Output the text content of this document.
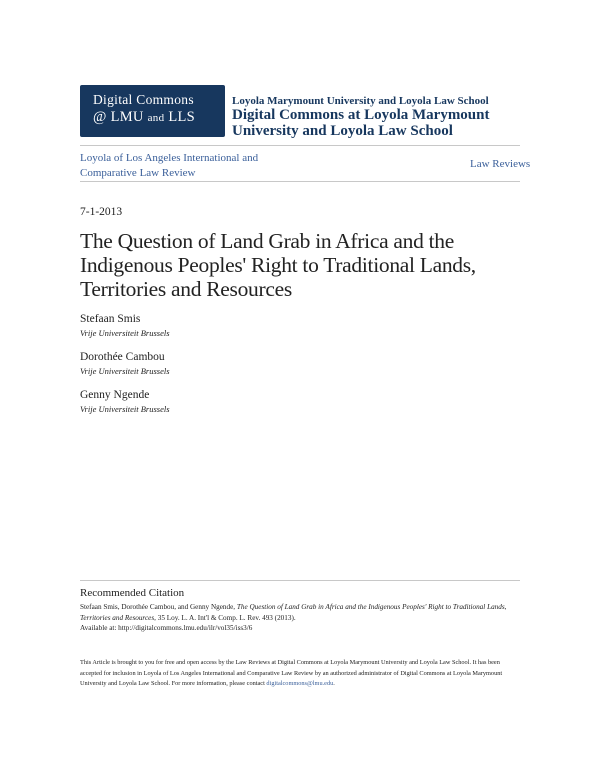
Digital Commons
@ LMU and LLS
Loyola Marymount University and Loyola Law School
Digital Commons at Loyola Marymount University and Loyola Law School
Loyola of Los Angeles International and Comparative Law Review
Law Reviews
7-1-2013
The Question of Land Grab in Africa and the Indigenous Peoples' Right to Traditional Lands, Territories and Resources
Stefaan Smis
Vrije Universiteit Brussels
Dorothée Cambou
Vrije Universiteit Brussels
Genny Ngende
Vrije Universiteit Brussels
Recommended Citation
Stefaan Smis, Dorothée Cambou, and Genny Ngende, The Question of Land Grab in Africa and the Indigenous Peoples' Right to Traditional Lands, Territories and Resources, 35 Loy. L. A. Int'l & Comp. L. Rev. 493 (2013).
Available at: http://digitalcommons.lmu.edu/ilr/vol35/iss3/6
This Article is brought to you for free and open access by the Law Reviews at Digital Commons at Loyola Marymount University and Loyola Law School. It has been accepted for inclusion in Loyola of Los Angeles International and Comparative Law Review by an authorized administrator of Digital Commons at Loyola Marymount University and Loyola Law School. For more information, please contact digitalcommons@lmu.edu.
